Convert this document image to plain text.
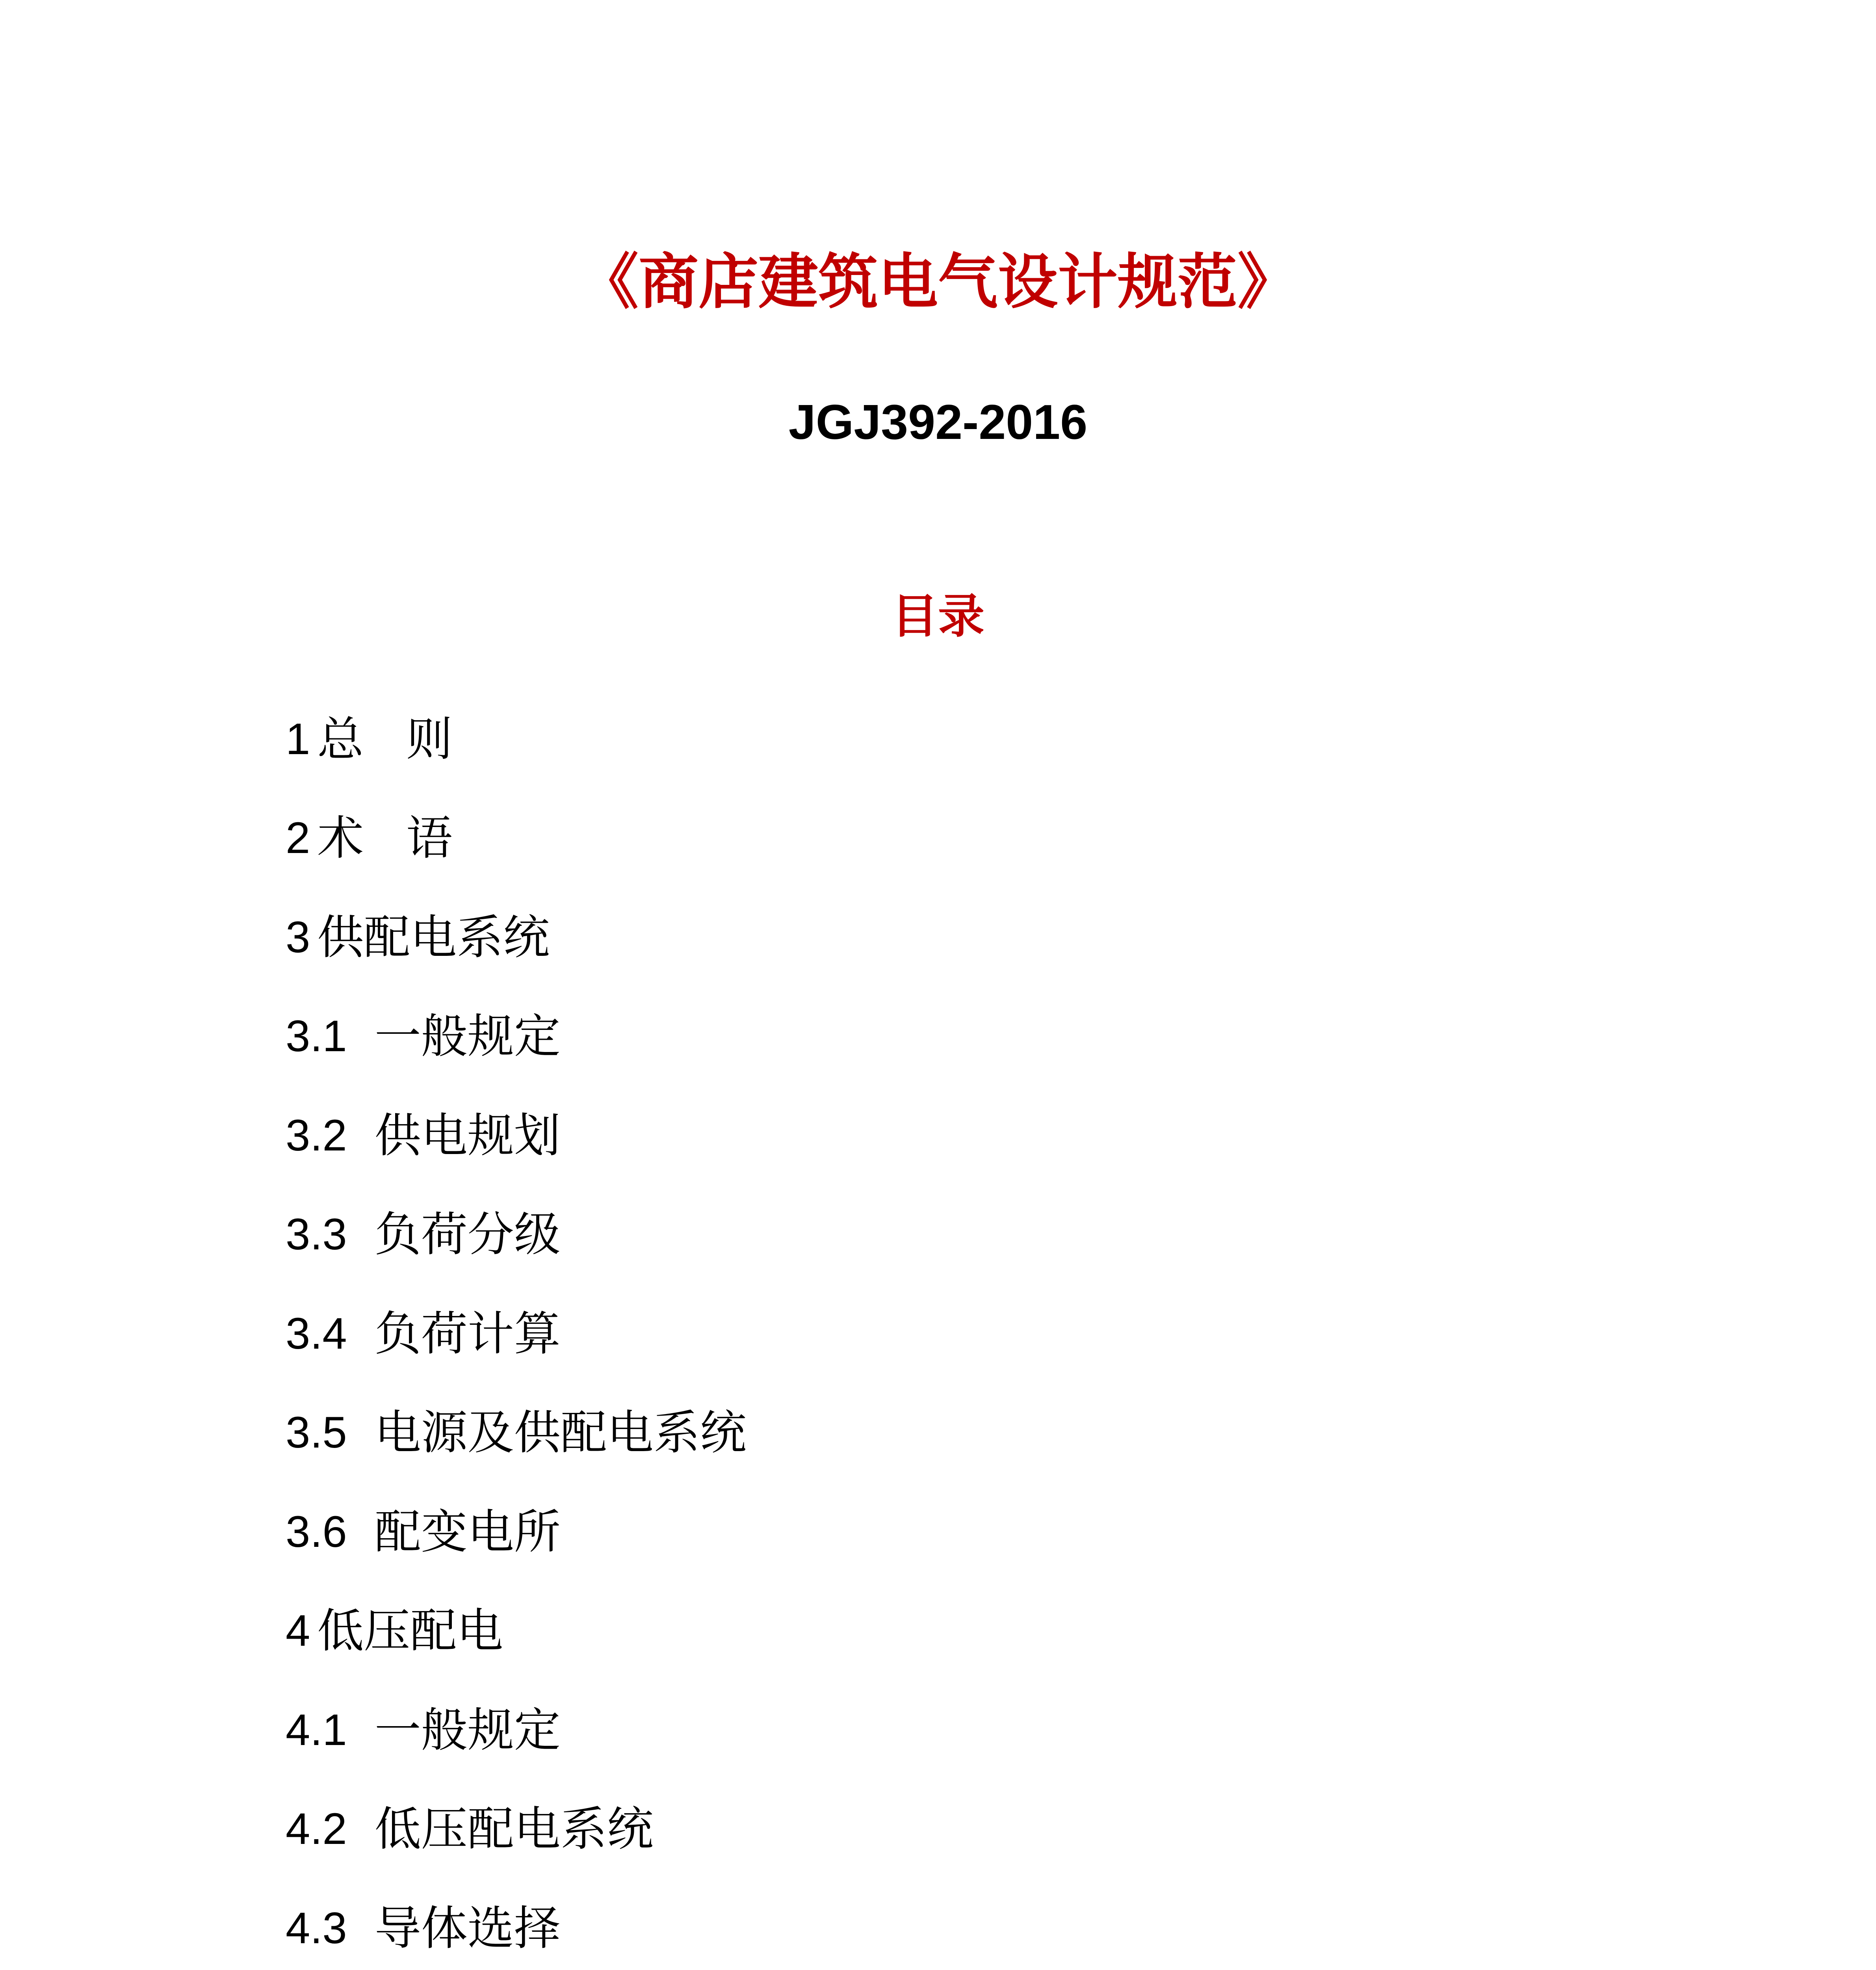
《商店建筑电气设计规范》
JGJ392-2016
目录
1 总 则
2 术 语
3 供配电系统
3.1 一般规定
3.2 供电规划
3.3 负荷分级
3.4 负荷计算
3.5 电源及供配电系统
3.6 配变电所
4 低压配电
4.1 一般规定
4.2 低压配电系统
4.3 导体选择
